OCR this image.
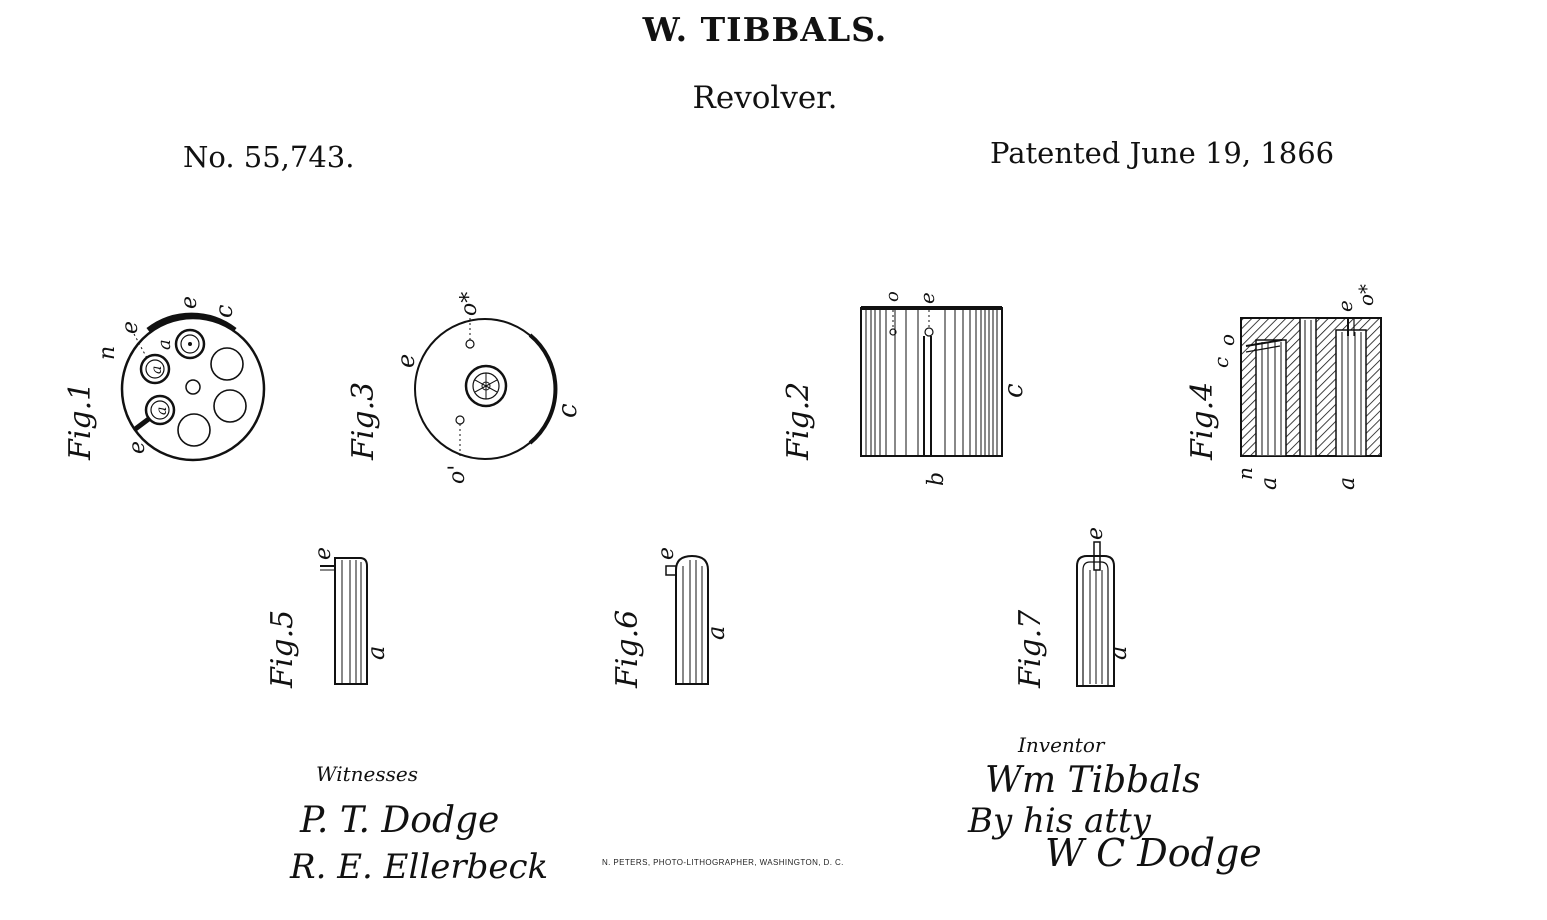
W. TIBBALS.
Revolver.
No. 55,743.	Patented June 19, 1866
Fig.1
n
e
a
e
c
a
a
e	Fig.3
o*
e
c
o'
Fig.2
o e
c
b
Fig.4
e
o*
c
o
n
a a
Fig.5
e
a	Fig.6
e
a	Fig.7
e
a
Witnesses
P. T. Dodge
R. E. Ellerbeck
Inventor
Wm Tibbals
By his atty
W C Dodge
N. PETERS, PHOTO-LITHOGRAPHER, WASHINGTON, D. C.
